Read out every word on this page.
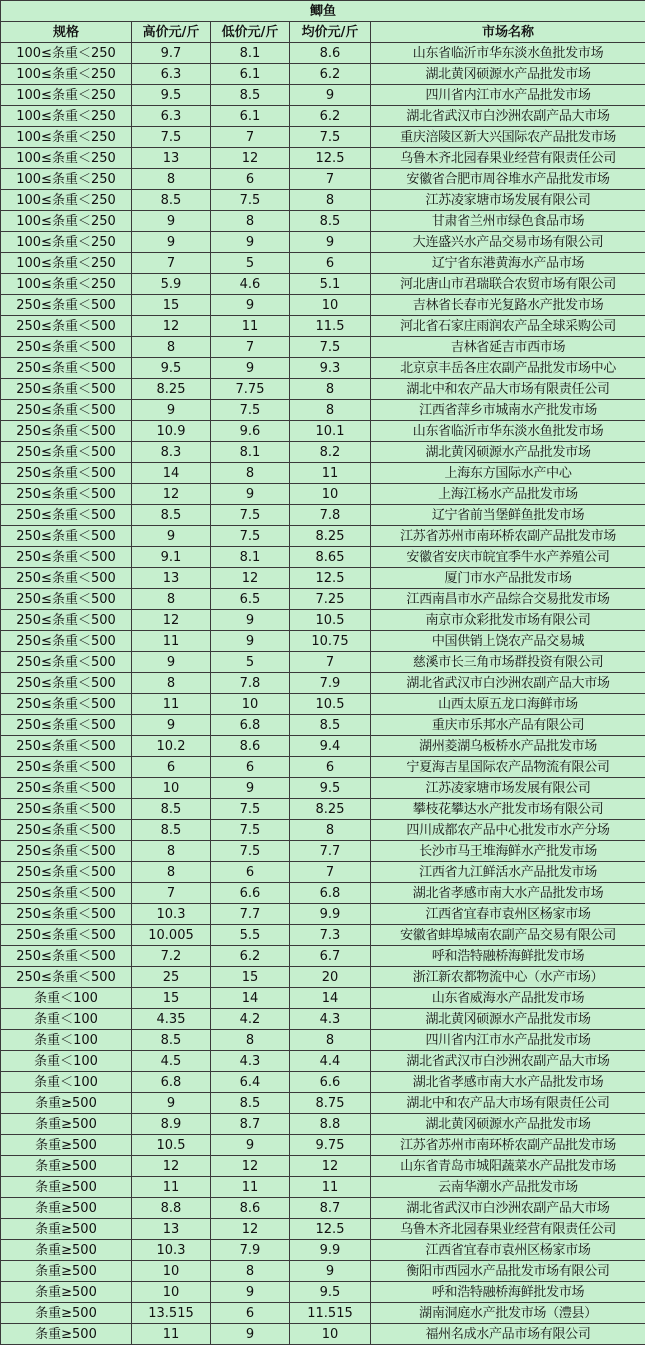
鲫鱼				
规格	高价元/斤	低价元/斤	均价元/斤	市场名称
100≤条重＜250	9.7	8.1	8.6	山东省临沂市华东淡水鱼批发市场
100≤条重＜250	6.3	6.1	6.2	湖北黄冈硕源水产品批发市场
100≤条重＜250	9.5	8.5	9	四川省内江市水产品批发市场
100≤条重＜250	6.3	6.1	6.2	湖北省武汉市白沙洲农副产品大市场
100≤条重＜250	7.5	7	7.5	重庆涪陵区新大兴国际农产品批发市场
100≤条重＜250	13	12	12.5	乌鲁木齐北园春果业经营有限责任公司
100≤条重＜250	8	6	7	安徽省合肥市周谷堆水产品批发市场
100≤条重＜250	8.5	7.5	8	江苏凌家塘市场发展有限公司
100≤条重＜250	9	8	8.5	甘肃省兰州市绿色食品市场
100≤条重＜250	9	9	9	大连盛兴水产品交易市场有限公司
100≤条重＜250	7	5	6	辽宁省东港黄海水产品市场
100≤条重＜250	5.9	4.6	5.1	河北唐山市君瑞联合农贸市场有限公司
250≤条重＜500	15	9	10	吉林省长春市光复路水产批发市场
250≤条重＜500	12	11	11.5	河北省石家庄雨润农产品全球采购公司
250≤条重＜500	8	7	7.5	吉林省延吉市西市场
250≤条重＜500	9.5	9	9.3	北京京丰岳各庄农副产品批发市场中心
250≤条重＜500	8.25	7.75	8	湖北中和农产品大市场有限责任公司
250≤条重＜500	9	7.5	8	江西省萍乡市城南水产批发市场
250≤条重＜500	10.9	9.6	10.1	山东省临沂市华东淡水鱼批发市场
250≤条重＜500	8.3	8.1	8.2	湖北黄冈硕源水产品批发市场
250≤条重＜500	14	8	11	上海东方国际水产中心
250≤条重＜500	12	9	10	上海江杨水产品批发市场
250≤条重＜500	8.5	7.5	7.8	辽宁省前当堡鲜鱼批发市场
250≤条重＜500	9	7.5	8.25	江苏省苏州市南环桥农副产品批发市场
250≤条重＜500	9.1	8.1	8.65	安徽省安庆市皖宜季牛水产养殖公司
250≤条重＜500	13	12	12.5	厦门市水产品批发市场
250≤条重＜500	8	6.5	7.25	江西南昌市水产品综合交易批发市场
250≤条重＜500	12	9	10.5	南京市众彩批发市场有限公司
250≤条重＜500	11	9	10.75	中国供销上饶农产品交易城
250≤条重＜500	9	5	7	慈溪市长三角市场群投资有限公司
250≤条重＜500	8	7.8	7.9	湖北省武汉市白沙洲农副产品大市场
250≤条重＜500	11	10	10.5	山西太原五龙口海鲜市场
250≤条重＜500	9	6.8	8.5	重庆市乐邦水产品有限公司
250≤条重＜500	10.2	8.6	9.4	湖州菱湖乌板桥水产品批发市场
250≤条重＜500	6	6	6	宁夏海吉星国际农产品物流有限公司
250≤条重＜500	10	9	9.5	江苏凌家塘市场发展有限公司
250≤条重＜500	8.5	7.5	8.25	攀枝花攀达水产批发市场有限公司
250≤条重＜500	8.5	7.5	8	四川成都农产品中心批发市水产分场
250≤条重＜500	8	7.5	7.7	长沙市马王堆海鲜水产批发市场
250≤条重＜500	8	6	7	江西省九江鲜活水产品批发市场
250≤条重＜500	7	6.6	6.8	湖北省孝感市南大水产品批发市场
250≤条重＜500	10.3	7.7	9.9	江西省宜春市袁州区杨家市场
250≤条重＜500	10.005	5.5	7.3	安徽省蚌埠城南农副产品交易有限公司
250≤条重＜500	7.2	6.2	6.7	呼和浩特融桥海鲜批发市场
250≤条重＜500	25	15	20	浙江新农都物流中心（水产市场）
条重＜100	15	14	14	山东省威海水产品批发市场
条重＜100	4.35	4.2	4.3	湖北黄冈硕源水产品批发市场
条重＜100	8.5	8	8	四川省内江市水产品批发市场
条重＜100	4.5	4.3	4.4	湖北省武汉市白沙洲农副产品大市场
条重＜100	6.8	6.4	6.6	湖北省孝感市南大水产品批发市场
条重≥500	9	8.5	8.75	湖北中和农产品大市场有限责任公司
条重≥500	8.9	8.7	8.8	湖北黄冈硕源水产品批发市场
条重≥500	10.5	9	9.75	江苏省苏州市南环桥农副产品批发市场
条重≥500	12	12	12	山东省青岛市城阳蔬菜水产品批发市场
条重≥500	11	11	11	云南华潮水产品批发市场
条重≥500	8.8	8.6	8.7	湖北省武汉市白沙洲农副产品大市场
条重≥500	13	12	12.5	乌鲁木齐北园春果业经营有限责任公司
条重≥500	10.3	7.9	9.9	江西省宜春市袁州区杨家市场
条重≥500	10	8	9	衡阳市西园水产品批发市场有限公司
条重≥500	10	9	9.5	呼和浩特融桥海鲜批发市场
条重≥500	13.515	6	11.515	湖南洞庭水产批发市场（澧县）
条重≥500	11	9	10	福州名成水产品市场有限公司
